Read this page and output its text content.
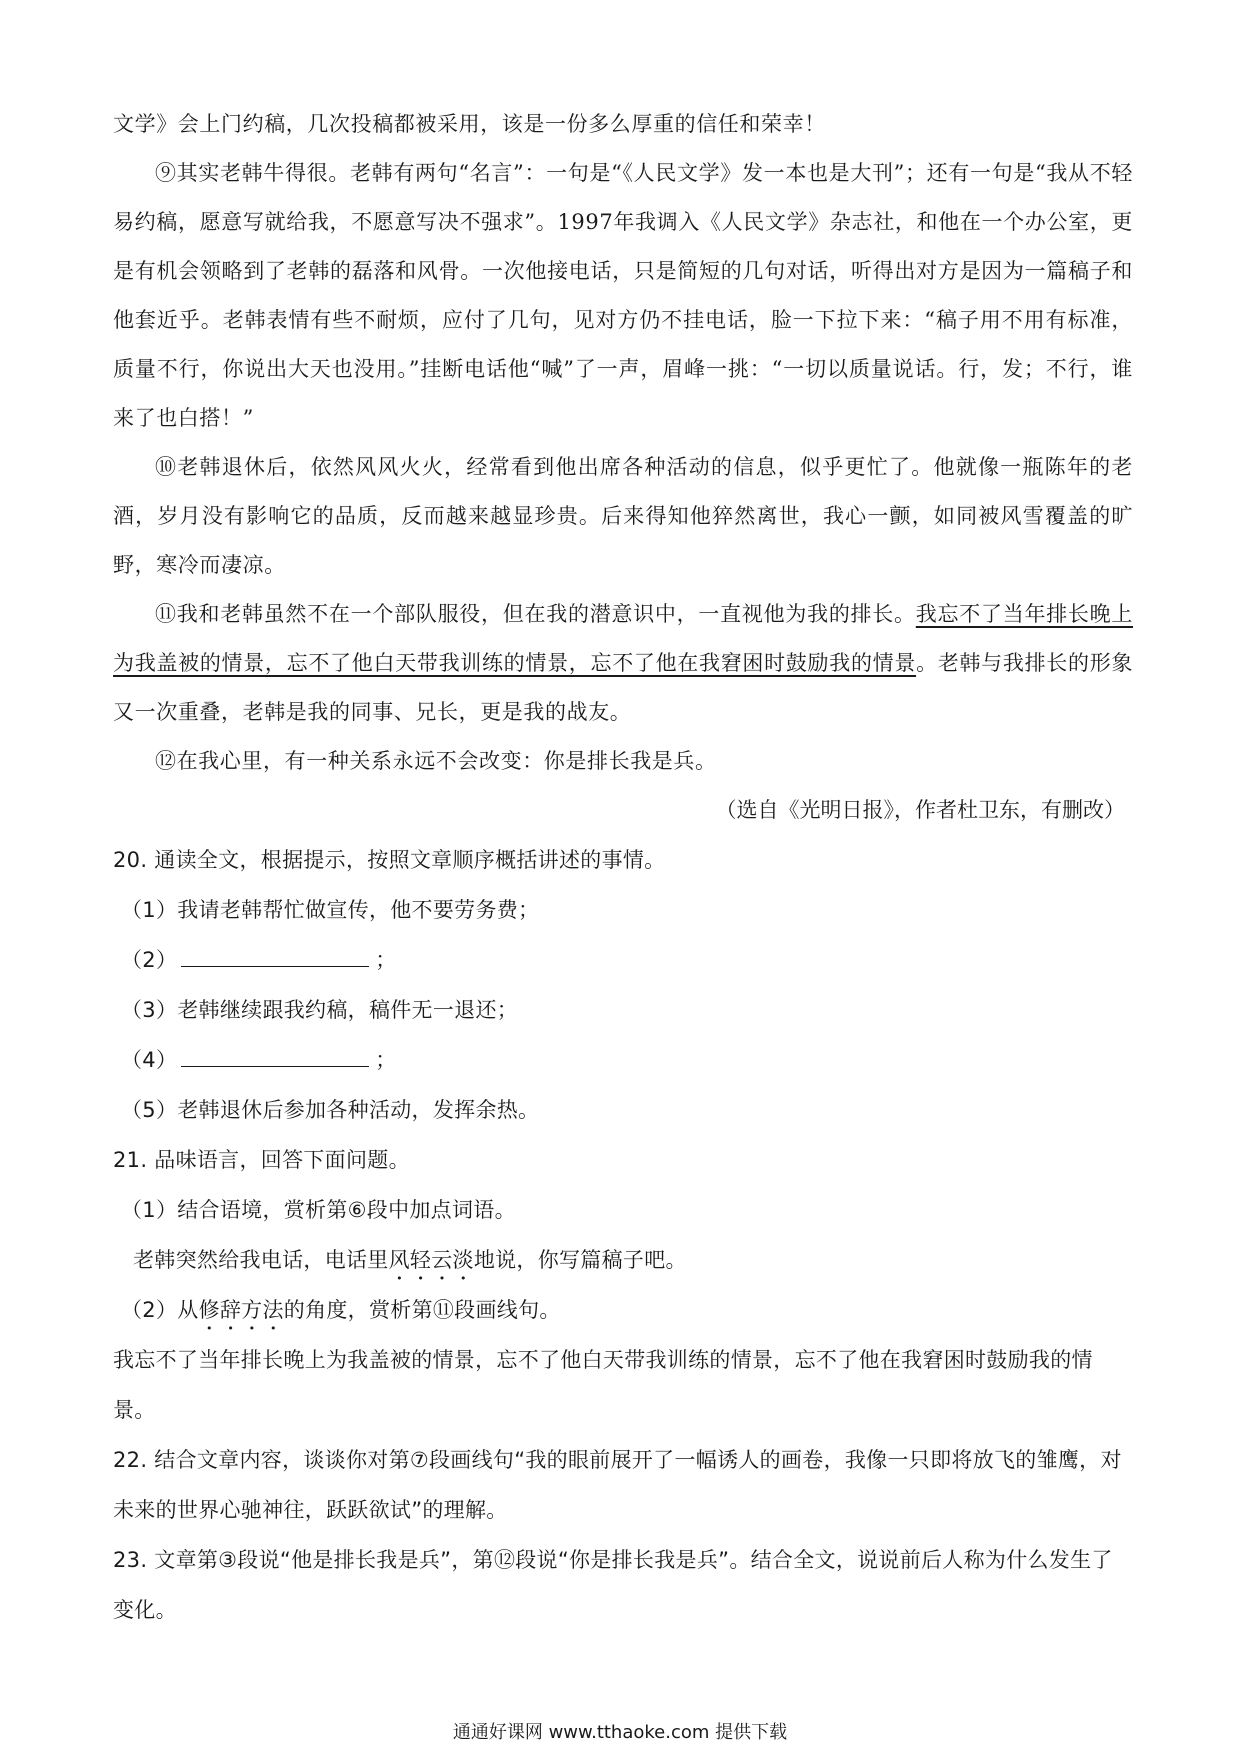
文学》会上门约稿，几次投稿都被采用，该是一份多么厚重的信任和荣幸！

⑨其实老韩牛得很。老韩有两句“名言”：一句是“《人民文学》发一本也是大刊”；还有一句是“我从不轻易约稿，愿意写就给我，不愿意写决不强求”。1997年我调入《人民文学》杂志社，和他在一个办公室，更是有机会领略到了老韩的磊落和风骨。一次他接电话，只是简短的几句对话，听得出对方是因为一篇稿子和他套近乎。老韩表情有些不耐烦，应付了几句，见对方仍不挂电话，脸一下拉下来：“稿子用不用有标准，质量不行，你说出大天也没用。”挂断电话他“喊”了一声，眉峰一挑：“一切以质量说话。行，发；不行，谁来了也白搭！”

⑩老韩退休后，依然风风火火，经常看到他出席各种活动的信息，似乎更忙了。他就像一瓶陈年的老酒，岁月没有影响它的品质，反而越来越显珍贵。后来得知他猝然离世，我心一颤，如同被风雪覆盖的旷野，寒冷而凄凉。

⑪我和老韩虽然不在一个部队服役，但在我的潜意识中，一直视他为我的排长。我忘不了当年排长晚上为我盖被的情景，忘不了他白天带我训练的情景，忘不了他在我窘困时鼓励我的情景。老韩与我排长的形象又一次重叠，老韩是我的同事、兄长，更是我的战友。

⑫在我心里，有一种关系永远不会改变：你是排长我是兵。

（选自《光明日报》，作者杜卫东，有删改）

20. 通读全文，根据提示，按照文章顺序概括讲述的事情。

（1）我请老韩帮忙做宣传，他不要劳务费；

（2）	；

（3）老韩继续跟我约稿，稿件无一退还；

（4）	；

（5）老韩退休后参加各种活动，发挥余热。

21. 品味语言，回答下面问题。

（1）结合语境，赏析第⑥段中加点词语。

老韩突然给我电话，电话里风轻云淡地说，你写篇稿子吧。

（2）从修辞方法的角度，赏析第⑪段画线句。

我忘不了当年排长晚上为我盖被的情景，忘不了他白天带我训练的情景，忘不了他在我窘困时鼓励我的情景。

22. 结合文章内容，谈谈你对第⑦段画线句“我的眼前展开了一幅诱人的画卷，我像一只即将放飞的雏鹰，对未来的世界心驰神往，跃跃欲试”的理解。

23. 文章第③段说“他是排长我是兵”，第⑫段说“你是排长我是兵”。结合全文，说说前后人称为什么发生了变化。

通通好课网 www.tthaoke.com 提供下载
